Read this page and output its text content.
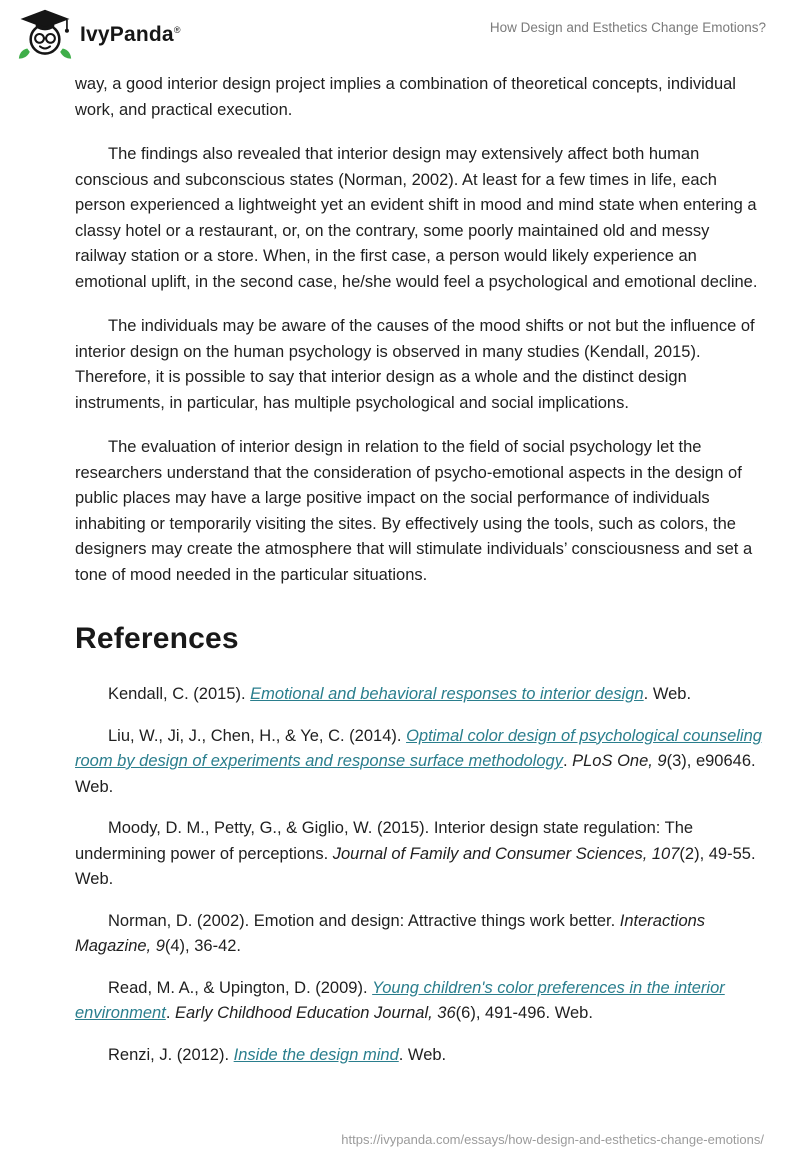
IvyPanda®	How Design and Esthetics Change Emotions?

way, a good interior design project implies a combination of theoretical concepts, individual work, and practical execution.

The findings also revealed that interior design may extensively affect both human conscious and subconscious states (Norman, 2002). At least for a few times in life, each person experienced a lightweight yet an evident shift in mood and mind state when entering a classy hotel or a restaurant, or, on the contrary, some poorly maintained old and messy railway station or a store. When, in the first case, a person would likely experience an emotional uplift, in the second case, he/she would feel a psychological and emotional decline.

The individuals may be aware of the causes of the mood shifts or not but the influence of interior design on the human psychology is observed in many studies (Kendall, 2015). Therefore, it is possible to say that interior design as a whole and the distinct design instruments, in particular, has multiple psychological and social implications.

The evaluation of interior design in relation to the field of social psychology let the researchers understand that the consideration of psycho-emotional aspects in the design of public places may have a large positive impact on the social performance of individuals inhabiting or temporarily visiting the sites. By effectively using the tools, such as colors, the designers may create the atmosphere that will stimulate individuals’ consciousness and set a tone of mood needed in the particular situations.

References

Kendall, C. (2015). Emotional and behavioral responses to interior design. Web.

Liu, W., Ji, J., Chen, H., & Ye, C. (2014). Optimal color design of psychological counseling room by design of experiments and response surface methodology. PLoS One, 9(3), e90646. Web.

Moody, D. M., Petty, G., & Giglio, W. (2015). Interior design state regulation: The undermining power of perceptions. Journal of Family and Consumer Sciences, 107(2), 49-55. Web.

Norman, D. (2002). Emotion and design: Attractive things work better. Interactions Magazine, 9(4), 36-42.

Read, M. A., & Upington, D. (2009). Young children's color preferences in the interior environment. Early Childhood Education Journal, 36(6), 491-496. Web.

Renzi, J. (2012). Inside the design mind. Web.

https://ivypanda.com/essays/how-design-and-esthetics-change-emotions/
